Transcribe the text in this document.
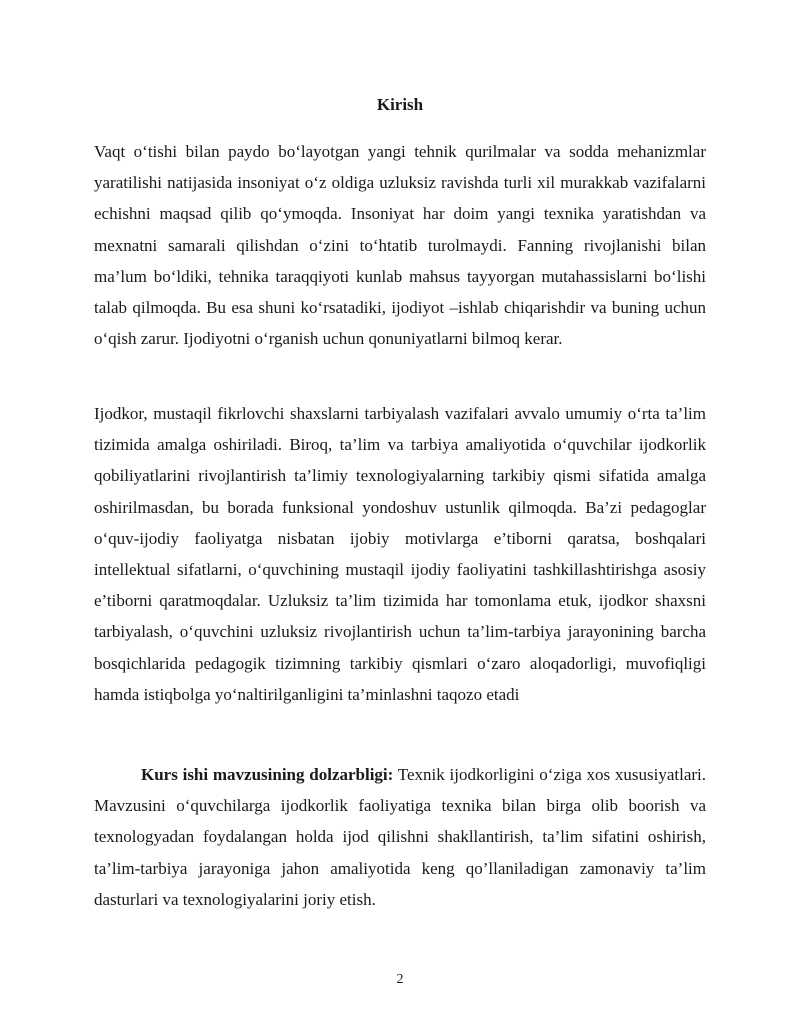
Kirish

Vaqt o‘tishi bilan paydo bo‘layotgan yangi tehnik qurilmalar va sodda mehanizmlar yaratilishi natijasida insoniyat o‘z oldiga uzluksiz ravishda turli xil murakkab vazifalarni echishni maqsad qilib qo‘ymoqda. Insoniyat har doim yangi texnika yaratishdan va mexnatni samarali qilishdan o‘zini to‘htatib turolmaydi. Fanning rivojlanishi bilan ma’lum bo‘ldiki, tehnika taraqqiyoti kunlab mahsus tayyorgan mutahassislarni bo‘lishi talab qilmoqda. Bu esa shuni ko‘rsatadiki, ijodiyot –ishlab chiqarishdir va buning uchun o‘qish zarur. Ijodiyotni o‘rganish uchun qonuniyatlarni bilmoq kerar.

Ijodkor, mustaqil fikrlovchi shaxslarni tarbiyalash vazifalari avvalo umumiy o‘rta ta’lim tizimida amalga oshiriladi. Biroq, ta’lim va tarbiya amaliyotida o‘quvchilar ijodkorlik qobiliyatlarini rivojlantirish ta’limiy texnologiyalarning tarkibiy qismi sifatida amalga oshirilmasdan, bu borada funksional yondoshuv ustunlik qilmoqda. Ba’zi pedagoglar o‘quv-ijodiy faoliyatga nisbatan ijobiy motivlarga e’tiborni qaratsa, boshqalari intellektual sifatlarni, o‘quvchining mustaqil ijodiy faoliyatini tashkillashtirishga asosiy e’tiborni qaratmoqdalar. Uzluksiz ta’lim tizimida har tomonlama etuk, ijodkor shaxsni tarbiyalash, o‘quvchini uzluksiz rivojlantirish uchun ta’lim-tarbiya jarayonining barcha bosqichlarida pedagogik tizimning tarkibiy qismlari o‘zaro aloqadorligi, muvofiqligi hamda istiqbolga yo‘naltirilganligini ta’minlashni taqozo etadi

Kurs ishi mavzusining dolzarbligi: Texnik ijodkorligini o‘ziga xos xususiyatlari. Mavzusini o‘quvchilarga ijodkorlik faoliyatiga texnika bilan birga olib boorish va texnologyadan foydalangan holda ijod qilishni shakllantirish, ta’lim sifatini oshirish, ta’lim-tarbiya jarayoniga jahon amaliyotida keng qo’llaniladigan zamonaviy ta’lim dasturlari va texnologiyalarini joriy etish.

2
